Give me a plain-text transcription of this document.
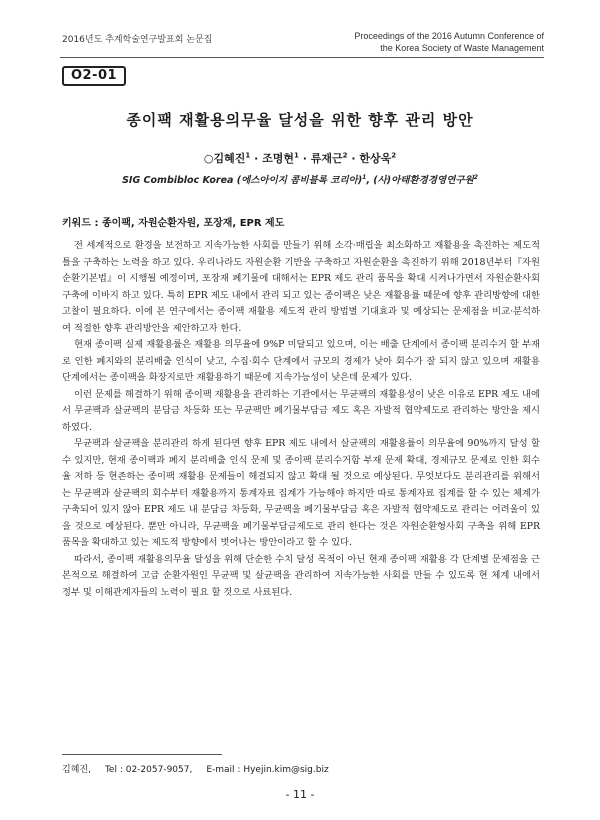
2016년도 추계학술연구발표회 논문집	Proceedings of the 2016 Autumn Conference of
the Korea Society of Waste Management
O2-01
종이팩 재활용의무율 달성을 위한 향후 관리 방안
○김혜진$^1$ · 조명현$^1$ · 류재근$^2$ · 한상욱$^2$
SIG Combibloc Korea (에스아이지 콤비블록 코리아)$^1$, (사)아태환경경영연구원$^2$
키워드 : 종이팩, 자원순환자원, 포장재, EPR 제도

전 세계적으로 환경을 보전하고 지속가능한 사회를 만들기 위해 소각·매립을 최소화하고 재활용을 촉진하는 제도적 틀을 구축하는 노력을 하고 있다. 우리나라도 자원순환 기반을 구축하고 자원순환을 촉진하기 위해 2018년부터『자원순환기본법』이 시행될 예정이며, 포장재 폐기물에 대해서는 EPR 제도 관리 품목을 확대 시켜나가면서 자원순환사회구축에 이바지 하고 있다. 특히 EPR 제도 내에서 관리 되고 있는 종이팩은 낮은 재활용률 때문에 향후 관리방향에 대한 고찰이 필요하다. 이에 본 연구에서는 종이팩 재활용 제도적 관리 방법별 기대효과 및 예상되는 문제점을 비교·분석하여 적절한 향후 관리방안을 제안하고자 한다.

현재 종이팩 실제 재활용률은 재활용 의무율에 9%P 미달되고 있으며, 이는 배출 단계에서 종이팩 분리수거 할 부재로 인한 폐지와의 분리배출 인식이 낮고, 수집·회수 단계에서 규모의 경제가 낮아 회수가 잘 되지 않고 있으며 재활용 단계에서는 종이팩을 화장지로만 재활용하기 때문에 지속가능성이 낮은데 문제가 있다.

이런 문제를 해결하기 위해 종이팩 재활용을 관리하는 기관에서는 무균팩의 재활용성이 낮은 이유로 EPR 제도 내에서 무균팩과 살균팩의 분담금 차등화 또는 무균팩만 폐기물부담금 제도 혹은 자발적 협약제도로 관리하는 방안을 제시하였다.

무균팩과 살균팩을 분리관리 하게 된다면 향후 EPR 제도 내에서 살균팩의 재활용률이 의무율에 90%까지 달성 할 수 있지만, 현재 종이팩과 폐지 분리배출 인식 문제 및 종이팩 분리수거함 부재 문제 확대, 경제규모 문제로 인한 회수율 저하 등 현존하는 종이팩 재활용 문제들이 해결되지 않고 확대 될 것으로 예상된다. 무엇보다도 분리관리를 위해서는 무균팩과 살균팩의 회수부터 재활용까지 통계자료 집계가 가능해야 하지만 따로 통계자료 집계를 할 수 있는 체계가 구축되어 있지 않아 EPR 제도 내 분담금 차등화, 무균팩을 폐기물부담금 혹은 자발적 협약제도로 관리는 어려울이 있을 것으로 예상된다. 뿐만 아니라, 무균팩을 폐기물부담금제도로 관리 한다는 것은 자원순환형사회 구축을 위해 EPR 품목을 확대하고 있는 제도적 방향에서 벗어나는 방안이라고 할 수 있다.

따라서, 종이팩 재활용의무율 달성을 위해 단순한 수치 달성 목적이 아닌 현재 종이팩 재활용 각 단계별 문제점을 근본적으로 해결하여 고급 순환자원인 무균팩 및 살균팩을 관리하여 지속가능한 사회를 만들 수 있도록 현 체계 내에서 정부 및 이해관계자들의 노력이 필요 할 것으로 사료된다.

김혜진, Tel : 02-2057-9057, E-mail : Hyejin.kim@sig.biz
- 11 -
